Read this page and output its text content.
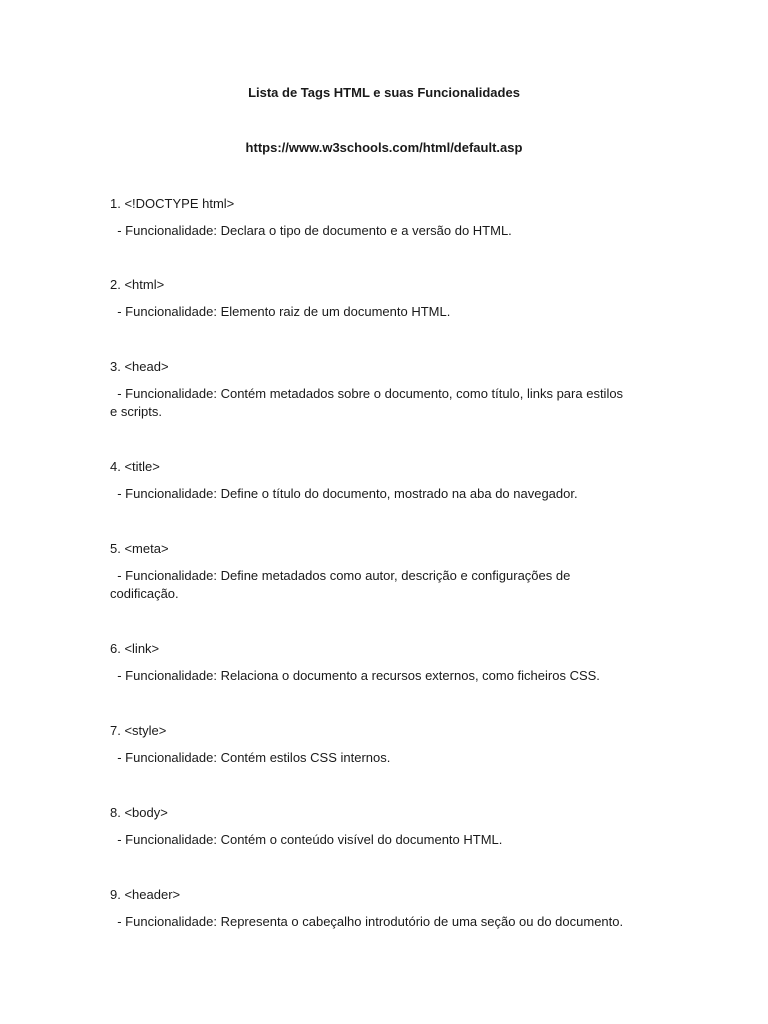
Lista de Tags HTML e suas Funcionalidades
https://www.w3schools.com/html/default.asp
1. <!DOCTYPE html>
- Funcionalidade: Declara o tipo de documento e a versão do HTML.
2. <html>
- Funcionalidade: Elemento raiz de um documento HTML.
3. <head>
- Funcionalidade: Contém metadados sobre o documento, como título, links para estilos
e scripts.
4. <title>
- Funcionalidade: Define o título do documento, mostrado na aba do navegador.
5. <meta>
- Funcionalidade: Define metadados como autor, descrição e configurações de
codificação.
6. <link>
- Funcionalidade: Relaciona o documento a recursos externos, como ficheiros CSS.
7. <style>
- Funcionalidade: Contém estilos CSS internos.
8. <body>
- Funcionalidade: Contém o conteúdo visível do documento HTML.
9. <header>
- Funcionalidade: Representa o cabeçalho introdutório de uma seção ou do documento.
